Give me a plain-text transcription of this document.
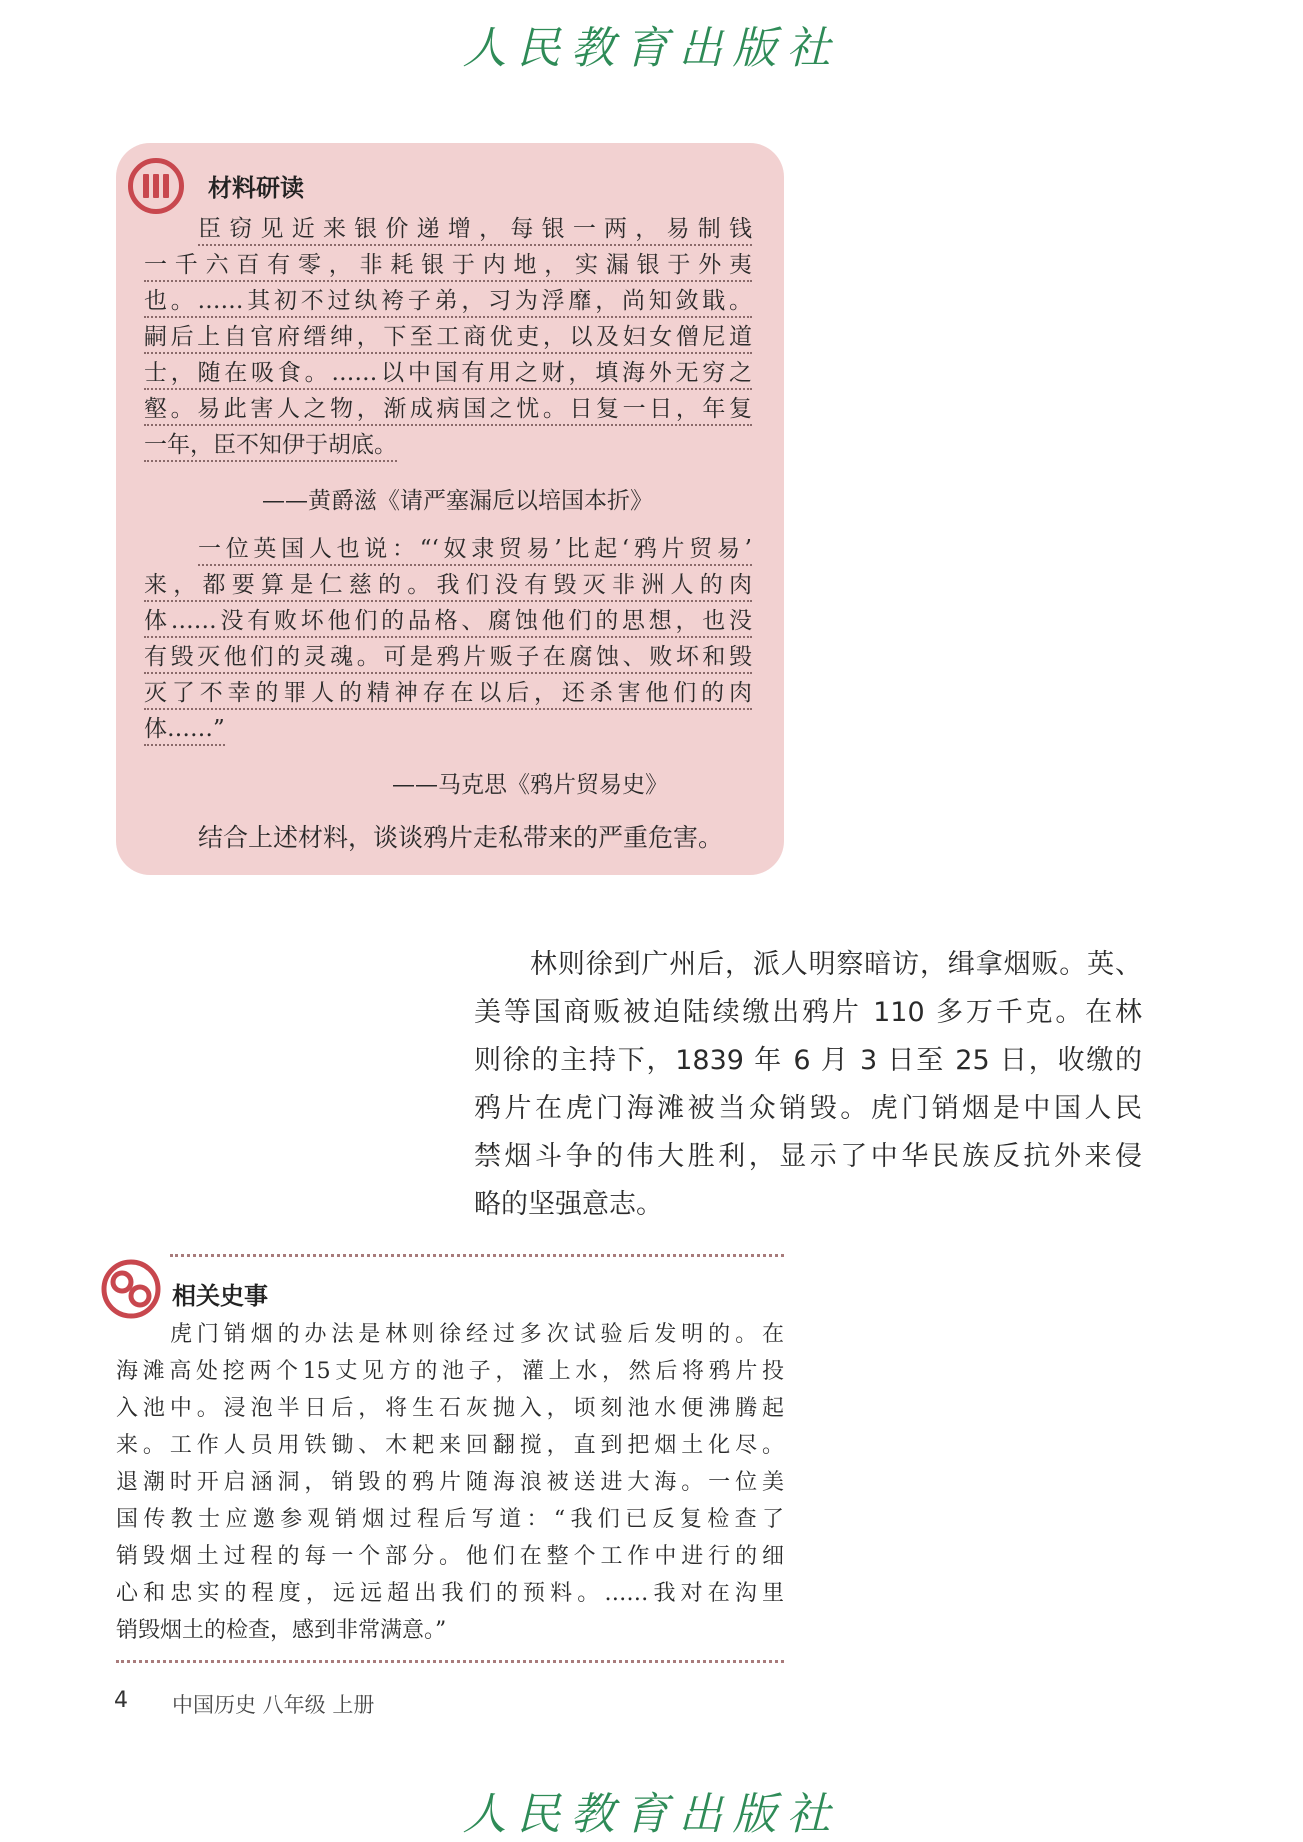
人民教育出版社
人民教育出版社
材料研读
臣窃见近来银价递增，每银一两，易制钱
一千六百有零，非耗银于内地，实漏银于外夷
也。……其初不过纨袴子弟，习为浮靡，尚知敛戢。
嗣后上自官府缙绅，下至工商优吏，以及妇女僧尼道
士，随在吸食。……以中国有用之财，填海外无穷之
壑。易此害人之物，渐成病国之忧。日复一日，年复
一年，臣不知伊于胡底。
——黄爵滋《请严塞漏卮以培国本折》
一位英国人也说：“‘奴隶贸易’比起‘鸦片贸易’
来，都要算是仁慈的。我们没有毁灭非洲人的肉
体……没有败坏他们的品格、腐蚀他们的思想，也没
有毁灭他们的灵魂。可是鸦片贩子在腐蚀、败坏和毁
灭了不幸的罪人的精神存在以后，还杀害他们的肉
体……”
——马克思《鸦片贸易史》
结合上述材料，谈谈鸦片走私带来的严重危害。
林则徐到广州后，派人明察暗访，缉拿烟贩。英、
美等国商贩被迫陆续缴出鸦片 110 多万千克。在林
则徐的主持下，1839 年 6 月 3 日至 25 日，收缴的
鸦片在虎门海滩被当众销毁。虎门销烟是中国人民
禁烟斗争的伟大胜利，显示了中华民族反抗外来侵
略的坚强意志。
相关史事
虎门销烟的办法是林则徐经过多次试验后发明的。在
海滩高处挖两个15丈见方的池子，灌上水，然后将鸦片投
入池中。浸泡半日后，将生石灰抛入，顷刻池水便沸腾起
来。工作人员用铁锄、木耙来回翻搅，直到把烟土化尽。
退潮时开启涵洞，销毁的鸦片随海浪被送进大海。一位美
国传教士应邀参观销烟过程后写道：“我们已反复检查了
销毁烟土过程的每一个部分。他们在整个工作中进行的细
心和忠实的程度，远远超出我们的预料。……我对在沟里
销毁烟土的检查，感到非常满意。”
4 中国历史 八年级 上册
